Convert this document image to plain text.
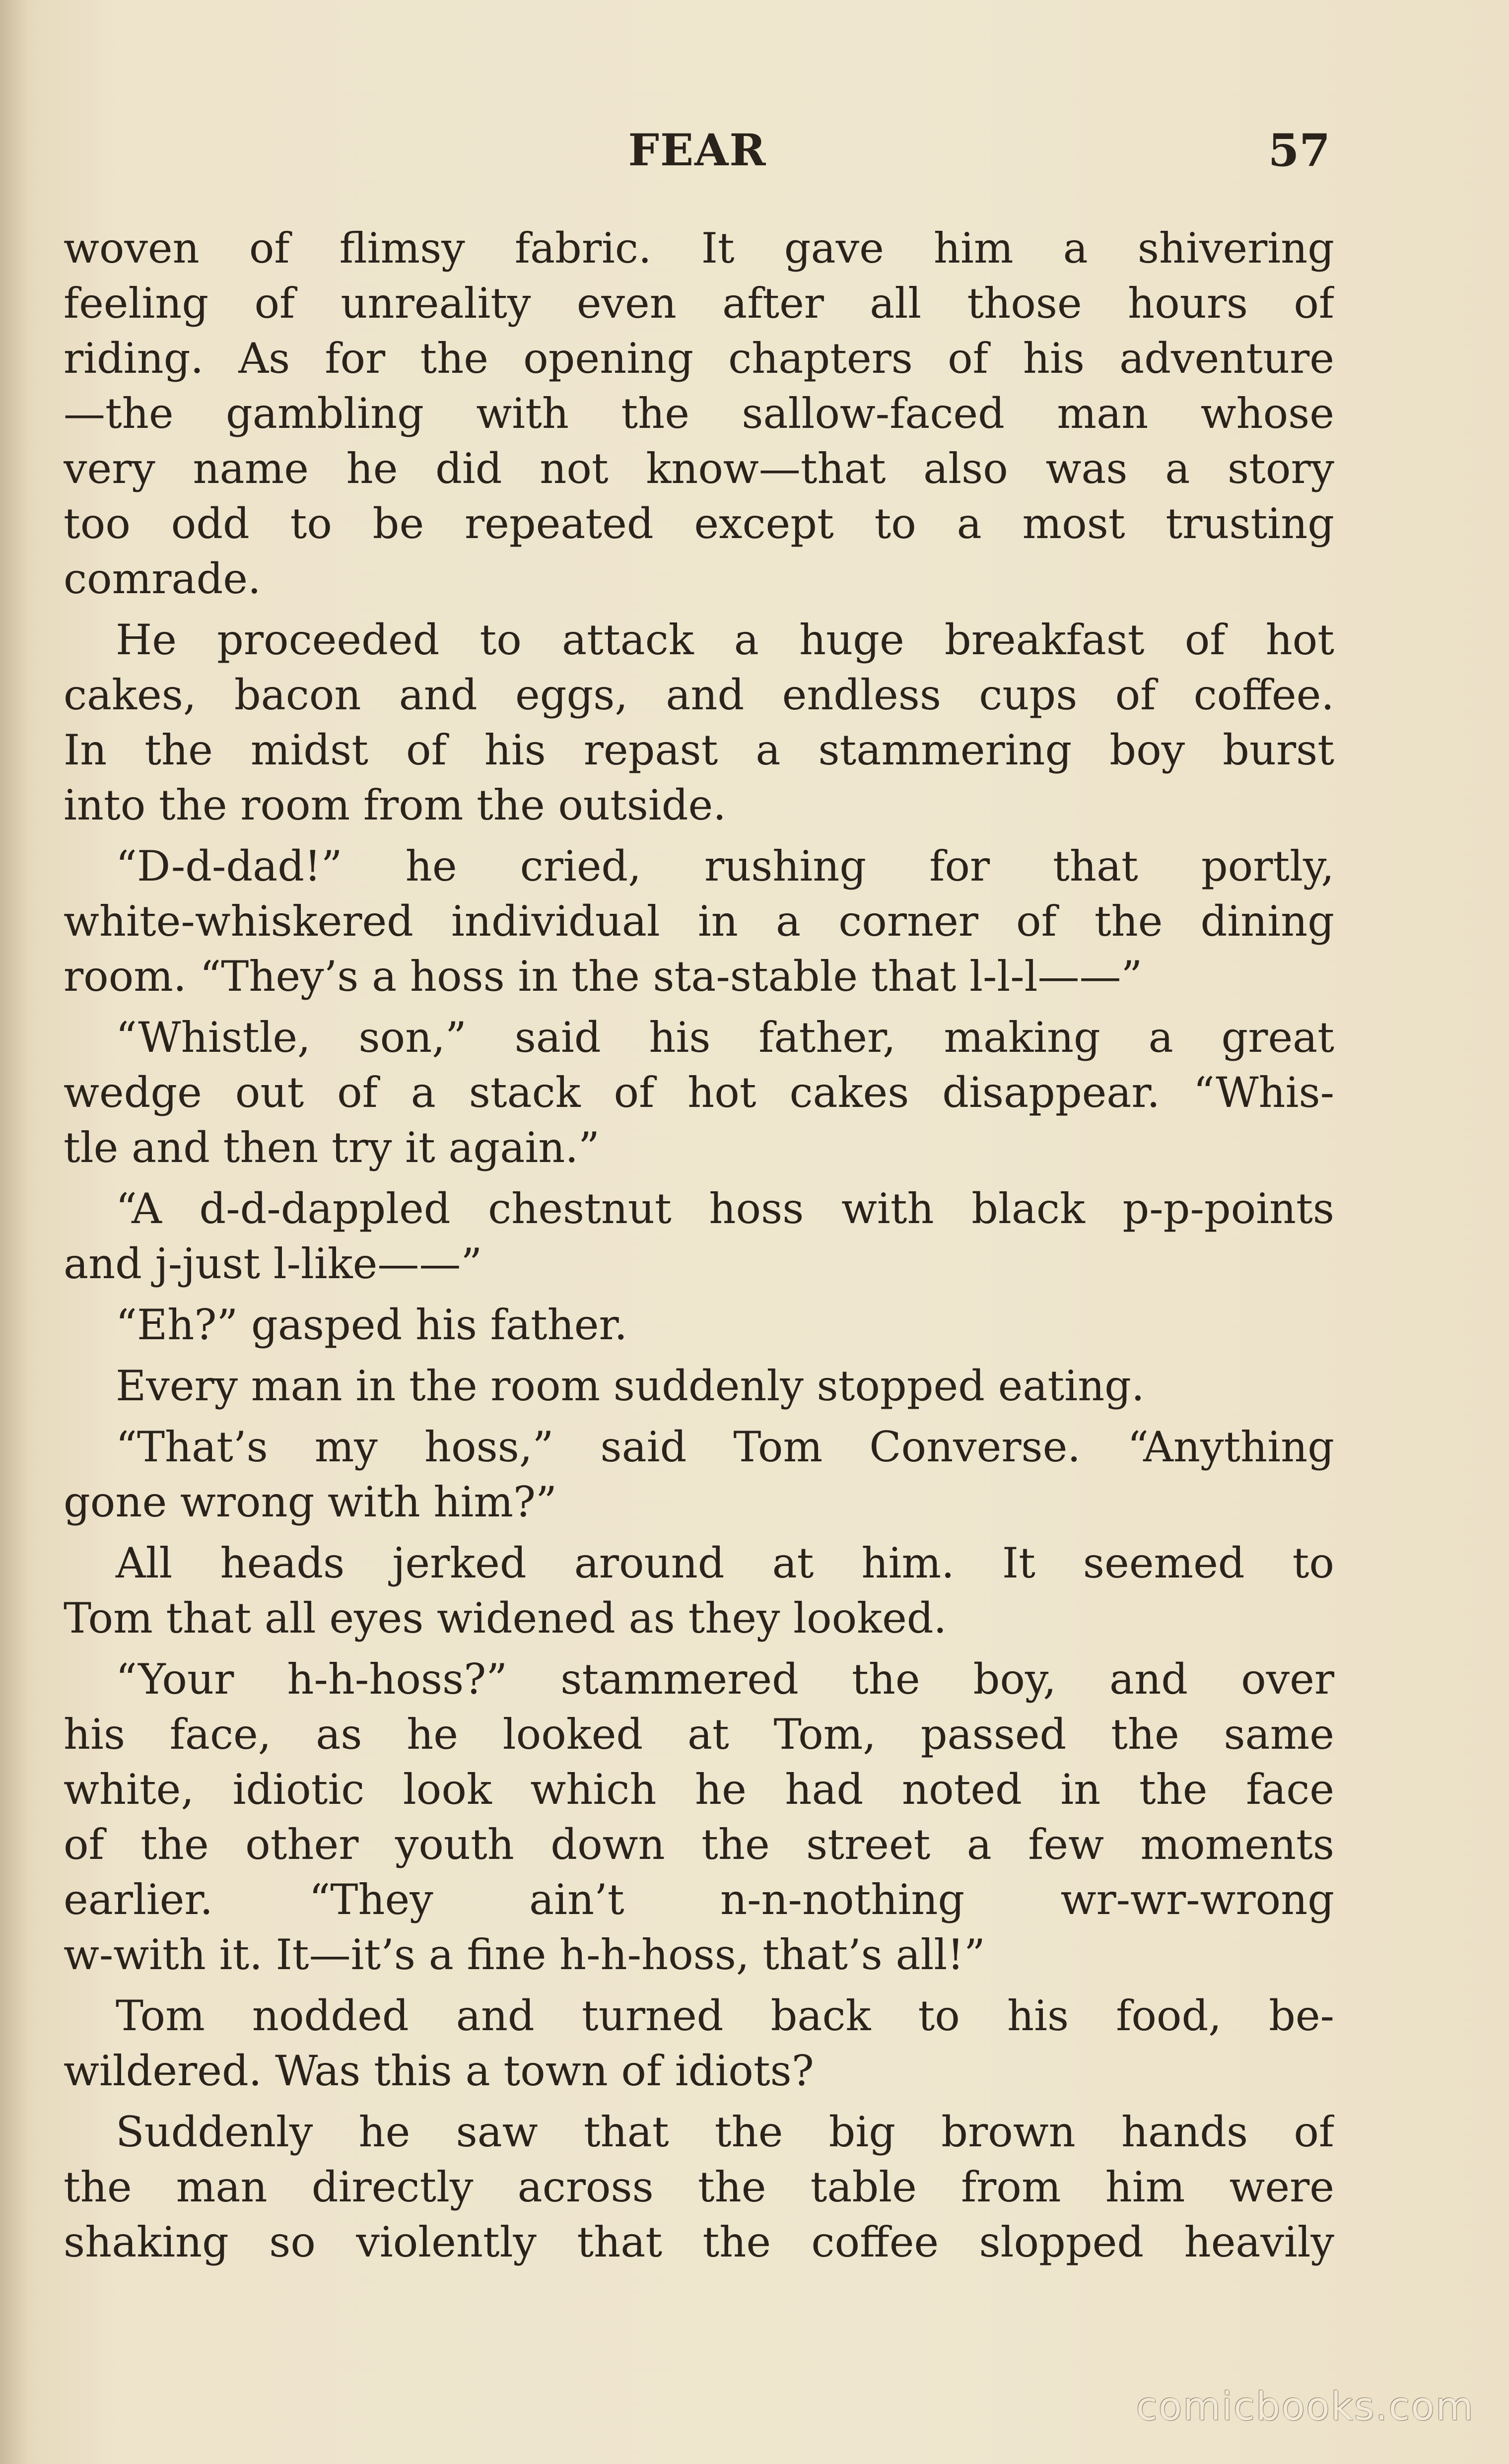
FEAR	57
woven of flimsy fabric. It gave him a shivering
feeling of unreality even after all those hours of
riding. As for the opening chapters of his adventure
—the gambling with the sallow-faced man whose
very name he did not know—that also was a story
too odd to be repeated except to a most trusting
comrade.
He proceeded to attack a huge breakfast of hot
cakes, bacon and eggs, and endless cups of coffee.
In the midst of his repast a stammering boy burst
into the room from the outside.
“D-d-dad!” he cried, rushing for that portly,
white-whiskered individual in a corner of the dining
room. “They’s a hoss in the sta-stable that l-l-l——”
“Whistle, son,” said his father, making a great
wedge out of a stack of hot cakes disappear. “Whis-
tle and then try it again.”
“A d-d-dappled chestnut hoss with black p-p-points
and j-just l-like——”
“Eh?” gasped his father.
Every man in the room suddenly stopped eating.
“That’s my hoss,” said Tom Converse. “Anything
gone wrong with him?”
All heads jerked around at him. It seemed to
Tom that all eyes widened as they looked.
“Your h-h-hoss?” stammered the boy, and over
his face, as he looked at Tom, passed the same
white, idiotic look which he had noted in the face
of the other youth down the street a few moments
earlier. “They ain’t n-n-nothing wr-wr-wrong
w-with it. It—it’s a fine h-h-hoss, that’s all!”
Tom nodded and turned back to his food, be-
wildered. Was this a town of idiots?
Suddenly he saw that the big brown hands of
the man directly across the table from him were
shaking so violently that the coffee slopped heavily
comicbooks.com
